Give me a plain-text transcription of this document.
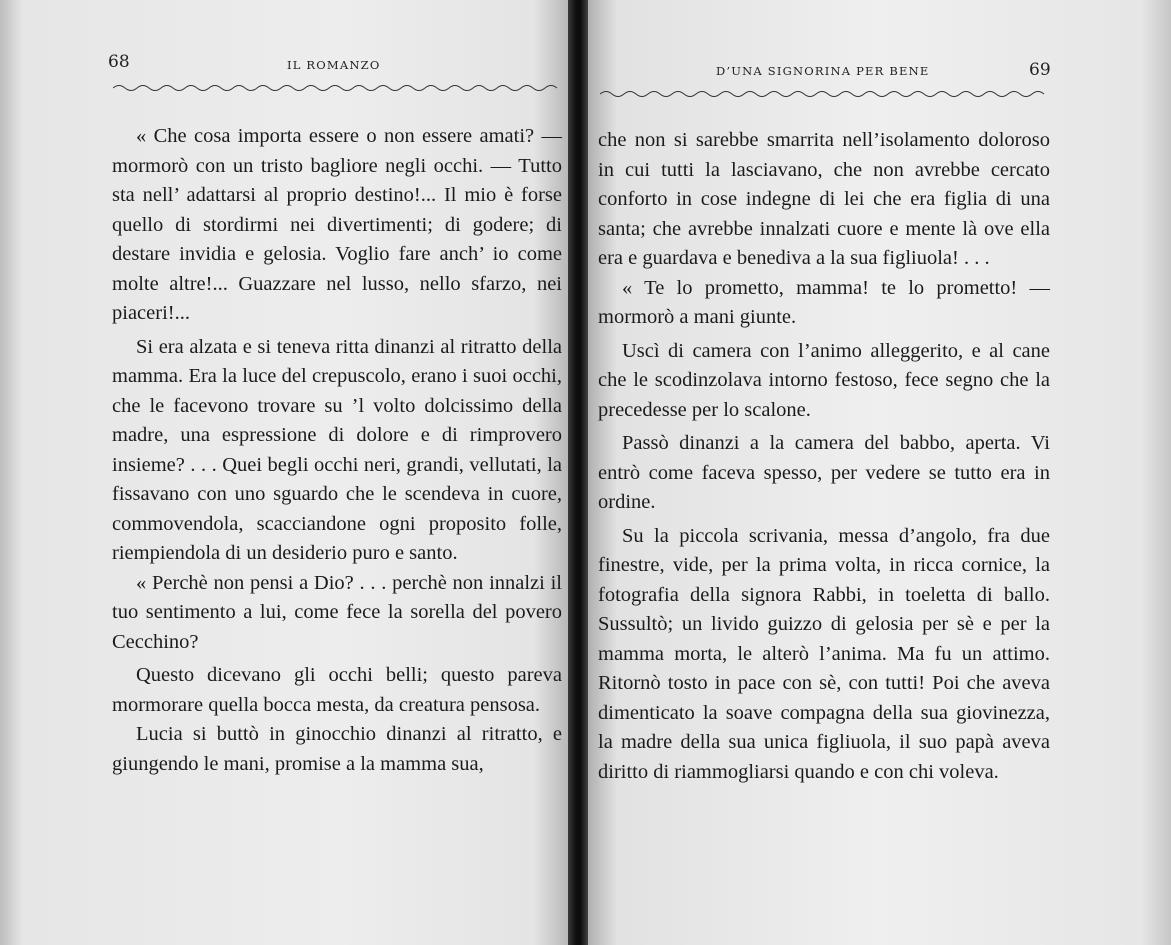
68	IL ROMANZO

« Che cosa importa essere o non essere amati? — mormorò con un tristo bagliore negli occhi. — Tutto sta nell’ adattarsi al proprio destino!... Il mio è forse quello di stordirmi nei divertimenti; di godere; di destare invidia e gelosia. Voglio fare anch’ io come molte altre!... Guazzare nel lusso, nello sfarzo, nei piaceri!...

Si era alzata e si teneva ritta dinanzi al ritratto della mamma. Era la luce del crepuscolo, erano i suoi occhi, che le facevono trovare su ’l volto dolcissimo della madre, una espressione di dolore e di rimprovero insieme? . . . Quei begli occhi neri, grandi, vellutati, la fissavano con uno sguardo che le scendeva in cuore, commovendola, scacciandone ogni proposito folle, riempiendola di un desiderio puro e santo.

« Perchè non pensi a Dio? . . . perchè non innalzi il tuo sentimento a lui, come fece la sorella del povero Cecchino?

Questo dicevano gli occhi belli; questo pareva mormorare quella bocca mesta, da creatura pensosa.

Lucia si buttò in ginocchio dinanzi al ritratto, e giungendo le mani, promise a la mamma sua,

D’UNA SIGNORINA PER BENE	69

che non si sarebbe smarrita nell’isolamento doloroso in cui tutti la lasciavano, che non avrebbe cercato conforto in cose indegne di lei che era figlia di una santa; che avrebbe innalzati cuore e mente là ove ella era e guardava e benediva a la sua figliuola! . . .

« Te lo prometto, mamma! te lo prometto! — mormorò a mani giunte.

Uscì di camera con l’animo alleggerito, e al cane che le scodinzolava intorno festoso, fece segno che la precedesse per lo scalone.

Passò dinanzi a la camera del babbo, aperta. Vi entrò come faceva spesso, per vedere se tutto era in ordine.

Su la piccola scrivania, messa d’angolo, fra due finestre, vide, per la prima volta, in ricca cornice, la fotografia della signora Rabbi, in toeletta di ballo. Sussultò; un livido guizzo di gelosia per sè e per la mamma morta, le alterò l’anima. Ma fu un attimo. Ritornò tosto in pace con sè, con tutti! Poi che aveva dimenticato la soave compagna della sua giovinezza, la madre della sua unica figliuola, il suo papà aveva diritto di riammogliarsi quando e con chi voleva.
